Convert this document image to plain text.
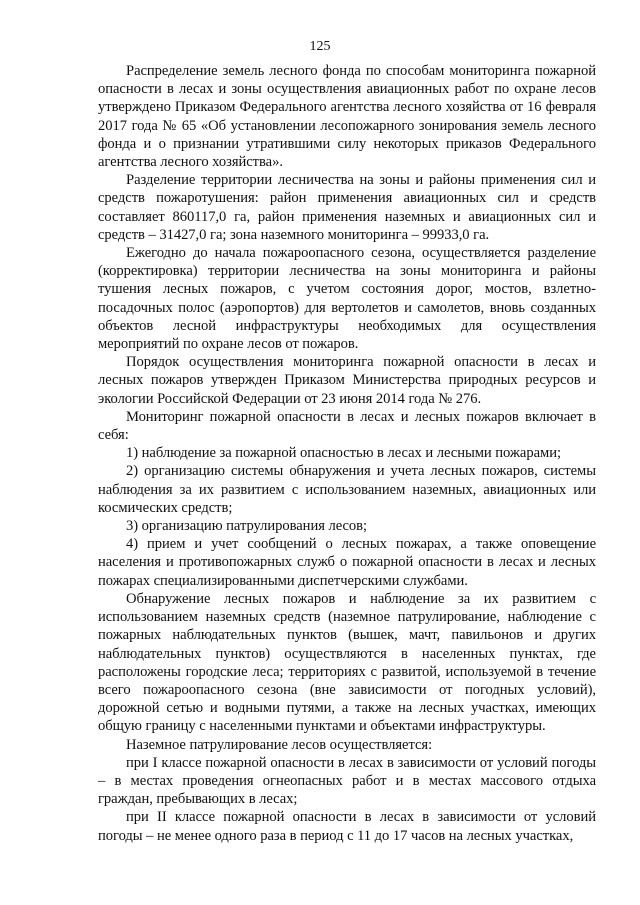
125

Распределение земель лесного фонда по способам мониторинга пожарной опасности в лесах и зоны осуществления авиационных работ по охране лесов утверждено Приказом Федерального агентства лесного хозяйства от 16 февраля 2017 года № 65 «Об установлении лесопожарного зонирования земель лесного фонда и о признании утратившими силу некоторых приказов Федерального агентства лесного хозяйства».

Разделение территории лесничества на зоны и районы применения сил и средств пожаротушения: район применения авиационных сил и средств составляет 860117,0 га, район применения наземных и авиационных сил и средств – 31427,0 га; зона наземного мониторинга – 99933,0 га.

Ежегодно до начала пожароопасного сезона, осуществляется разделение (корректировка) территории лесничества на зоны мониторинга и районы тушения лесных пожаров, с учетом состояния дорог, мостов, взлетно-посадочных полос (аэропортов) для вертолетов и самолетов, вновь созданных объектов лесной инфраструктуры необходимых для осуществления мероприятий по охране лесов от пожаров.

Порядок осуществления мониторинга пожарной опасности в лесах и лесных пожаров утвержден Приказом Министерства природных ресурсов и экологии Российской Федерации от 23 июня 2014 года № 276.

Мониторинг пожарной опасности в лесах и лесных пожаров включает в себя:

1) наблюдение за пожарной опасностью в лесах и лесными пожарами;

2) организацию системы обнаружения и учета лесных пожаров, системы наблюдения за их развитием с использованием наземных, авиационных или космических средств;

3) организацию патрулирования лесов;

4) прием и учет сообщений о лесных пожарах, а также оповещение населения и противопожарных служб о пожарной опасности в лесах и лесных пожарах специализированными диспетчерскими службами.

Обнаружение лесных пожаров и наблюдение за их развитием с использованием наземных средств (наземное патрулирование, наблюдение с пожарных наблюдательных пунктов (вышек, мачт, павильонов и других наблюдательных пунктов) осуществляются в населенных пунктах, где расположены городские леса; территориях с развитой, используемой в течение всего пожароопасного сезона (вне зависимости от погодных условий), дорожной сетью и водными путями, а также на лесных участках, имеющих общую границу с населенными пунктами и объектами инфраструктуры.

Наземное патрулирование лесов осуществляется:

при I классе пожарной опасности в лесах в зависимости от условий погоды – в местах проведения огнеопасных работ и в местах массового отдыха граждан, пребывающих в лесах;

при II классе пожарной опасности в лесах в зависимости от условий погоды – не менее одного раза в период с 11 до 17 часов на лесных участках,
